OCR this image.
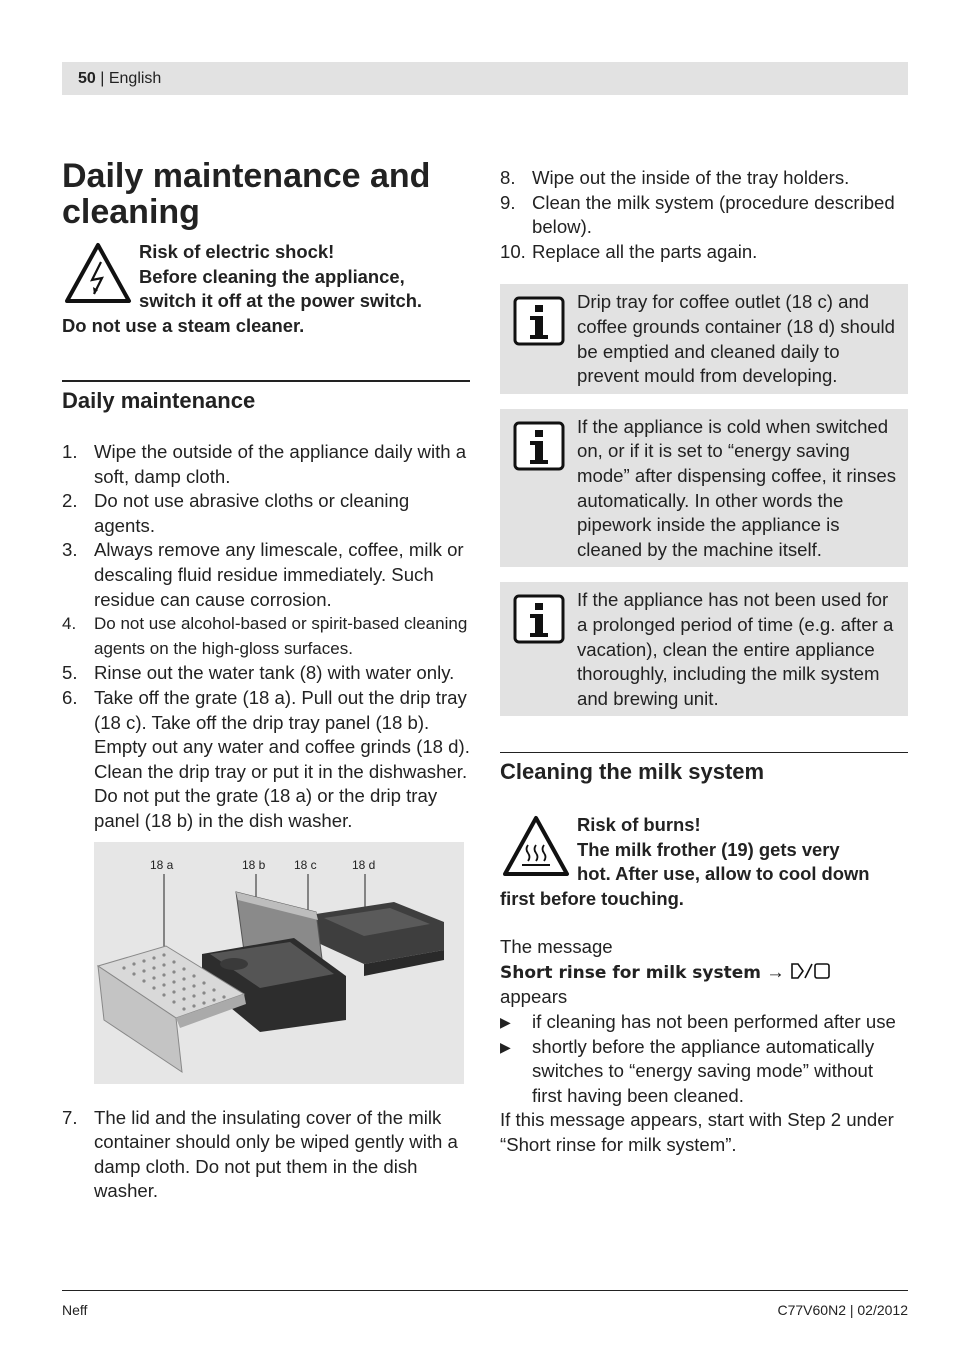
50 | English
Daily maintenance and cleaning
Risk of electric shock!
Before cleaning the appliance,
switch it off at the power switch.
Do not use a steam cleaner.
Daily maintenance
1. Wipe the outside of the appliance daily with a soft, damp cloth.
2. Do not use abrasive cloths or cleaning agents.
3. Always remove any limescale, coffee, milk or descaling fluid residue immediately. Such residue can cause corrosion.
4. Do not use alcohol-based or spirit-based cleaning agents on the high-gloss surfaces.
5. Rinse out the water tank (8) with water only.
6. Take off the grate (18 a). Pull out the drip tray (18 c). Take off the drip tray panel (18 b). Empty out any water and coffee grinds (18 d). Clean the drip tray or put it in the dishwasher. Do not put the grate (18 a) or the drip tray panel (18 b) in the dish washer.
18 a	18 b 18 c	18 d
7. The lid and the insulating cover of the milk container should only be wiped gently with a damp cloth. Do not put them in the dish washer.
8. Wipe out the inside of the tray holders.
9. Clean the milk system (procedure described below).
10. Replace all the parts again.
Drip tray for coffee outlet (18 c) and coffee grounds container (18 d) should be emptied and cleaned daily to prevent mould from developing.
If the appliance is cold when switched on, or if it is set to “energy saving mode” after dispensing coffee, it rinses automatically. In other words the pipework inside the appliance is cleaned by the machine itself.
If the appliance has not been used for a prolonged period of time (e.g. after a vacation), clean the entire appliance thoroughly, including the milk system and brewing unit.
Cleaning the milk system
Risk of burns!
The milk frother (19) gets very
hot. After use, allow to cool down
first before touching.
The message
Short rinse for milk system →
appears
▶ if cleaning has not been performed after use
▶ shortly before the appliance automatically switches to “energy saving mode” without first having been cleaned.
If this message appears, start with Step 2 under “Short rinse for milk system”.
Neff	C77V60N2 | 02/2012
